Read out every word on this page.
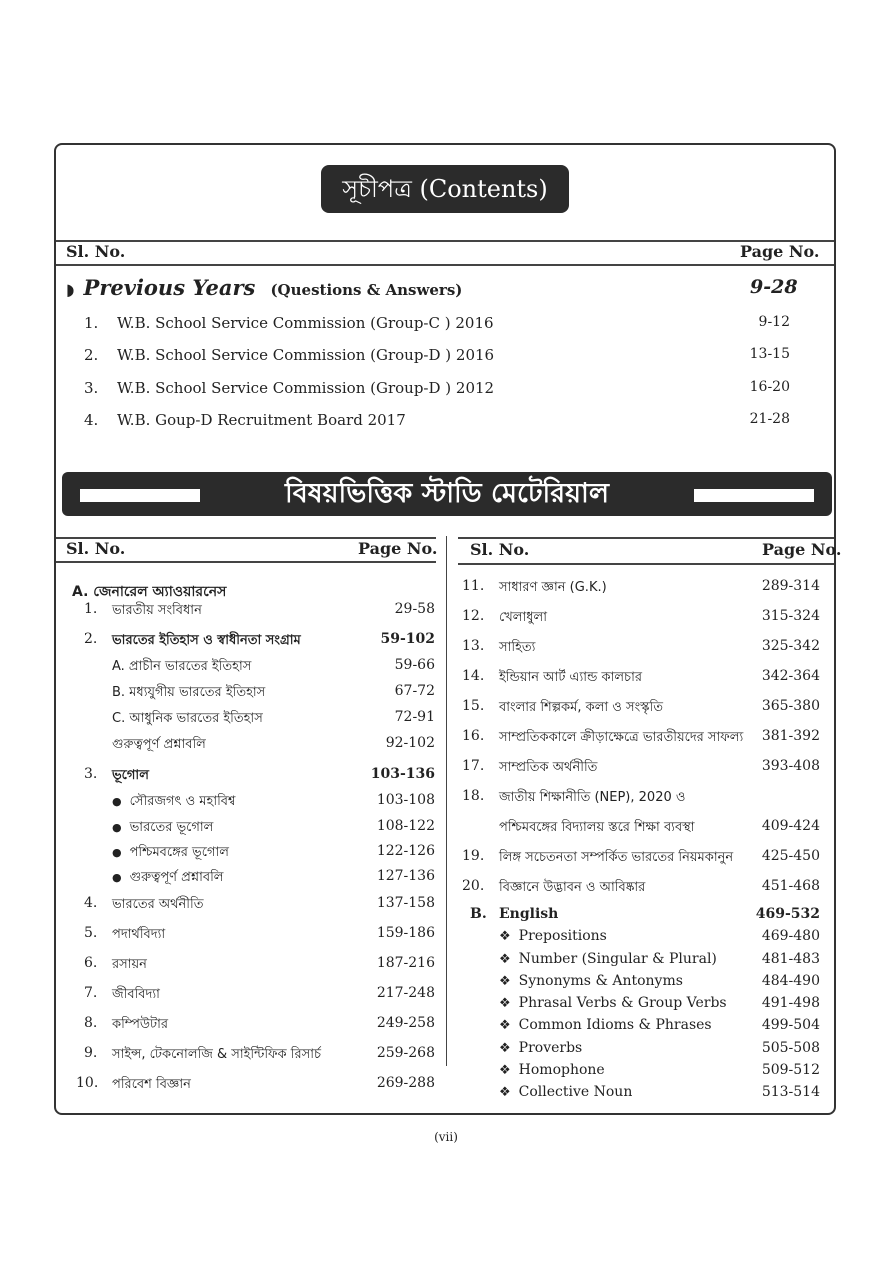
সূচীপত্র (Contents)
Sl. No.	Page No.
◗ Previous Years (Questions & Answers)	9-28
1. W.B. School Service Commission (Group-C ) 2016	9-12
2. W.B. School Service Commission (Group-D ) 2016	13-15
3. W.B. School Service Commission (Group-D ) 2012	16-20
4. W.B. Goup-D Recruitment Board 2017	21-28
বিষয়ভিত্তিক স্টাডি মেটেরিয়াল
Sl. No.	Page No. Sl. No.	Page No.
A. জেনারেল অ্যাওয়ারনেস
1. ভারতীয় সংবিধান	29-58
2. ভারতের ইতিহাস ও স্বাধীনতা সংগ্রাম	59-102
A. প্রাচীন ভারতের ইতিহাস	59-66
B. মধ্যযুগীয় ভারতের ইতিহাস	67-72
C. আধুনিক ভারতের ইতিহাস	72-91
গুরুত্বপূর্ণ প্রশ্নাবলি	92-102
3. ভূগোল	103-136
● সৌরজগৎ ও মহাবিশ্ব	103-108
● ভারতের ভূগোল	108-122
● পশ্চিমবঙ্গের ভূগোল	122-126
● গুরুত্বপূর্ণ প্রশ্নাবলি	127-136
4. ভারতের অর্থনীতি	137-158
5. পদার্থবিদ্যা	159-186
6. রসায়ন	187-216
7. জীববিদ্যা	217-248
8. কম্পিউটার	249-258
9. সাইন্স, টেকনোলজি & সাইন্টিফিক রিসার্চ	259-268
10. পরিবেশ বিজ্ঞান	269-288
11. সাধারণ জ্ঞান (G.K.)	289-314
12. খেলাধুলা	315-324
13. সাহিত্য	325-342
14. ইন্ডিয়ান আর্ট এ্যান্ড কালচার	342-364
15. বাংলার শিল্পকর্ম, কলা ও সংস্কৃতি	365-380
16. সাম্প্রতিককালে ক্রীড়াক্ষেত্রে ভারতীয়দের সাফল্য 381-392
17. সাম্প্রতিক অর্থনীতি	393-408
18. জাতীয় শিক্ষানীতি (NEP), 2020 ও
পশ্চিমবঙ্গের বিদ্যালয় স্তরে শিক্ষা ব্যবস্থা	409-424
19. লিঙ্গ সচেতনতা সম্পর্কিত ভারতের নিয়মকানুন 425-450
20. বিজ্ঞানে উদ্ভাবন ও আবিষ্কার	451-468
B. English	469-532
❖ Prepositions	469-480
❖ Number (Singular & Plural)	481-483
❖ Synonyms & Antonyms	484-490
❖ Phrasal Verbs & Group Verbs	491-498
❖ Common Idioms & Phrases	499-504
❖ Proverbs	505-508
❖ Homophone	509-512
❖ Collective Noun	513-514
(vii)
